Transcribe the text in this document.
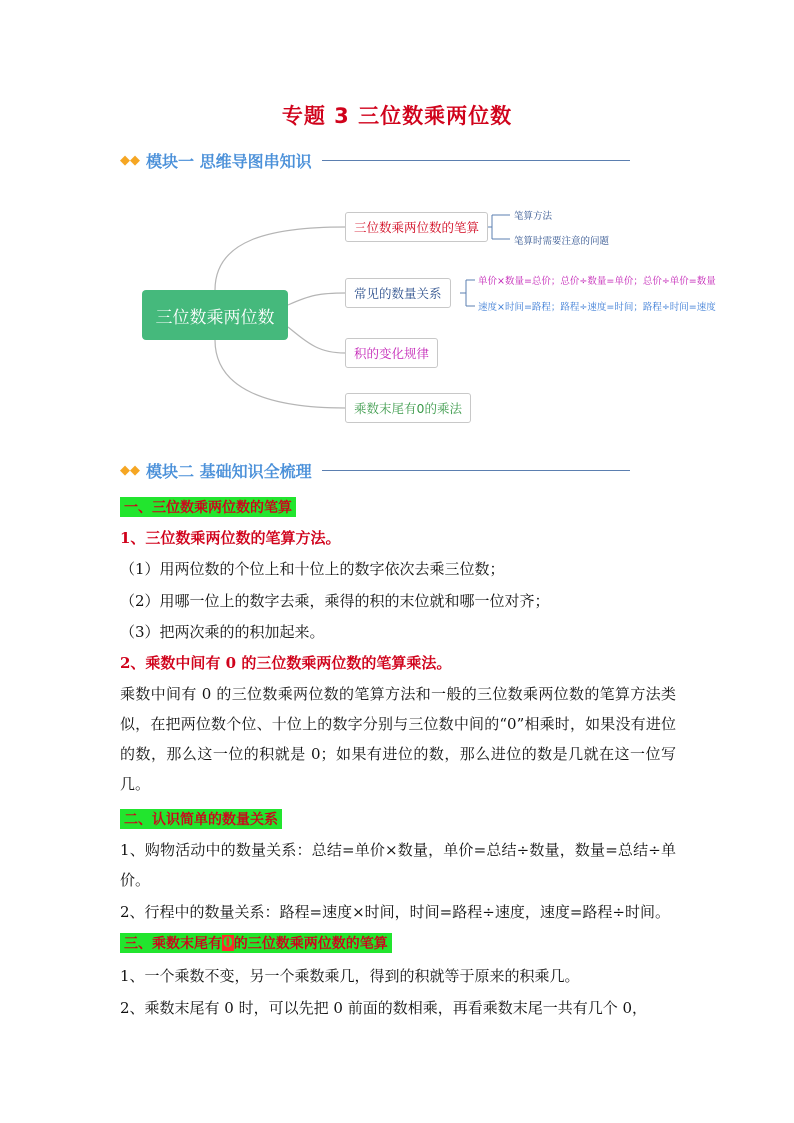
专题 3 三位数乘两位数
◆◆ 模块一 思维导图串知识
三位数乘两位数
三位数乘两位数的笔算
笔算方法
笔算时需要注意的问题
常见的数量关系
单价×数量=总价；总价÷数量=单价；总价÷单价=数量
速度×时间=路程；路程÷速度=时间；路程÷时间=速度
积的变化规律
乘数末尾有0的乘法
◆◆ 模块二 基础知识全梳理
一、三位数乘两位数的笔算
1、三位数乘两位数的笔算方法。
（1）用两位数的个位上和十位上的数字依次去乘三位数；
（2）用哪一位上的数字去乘，乘得的积的末位就和哪一位对齐；
（3）把两次乘的的积加起来。
2、乘数中间有 0 的三位数乘两位数的笔算乘法。
乘数中间有 0 的三位数乘两位数的笔算方法和一般的三位数乘两位数的笔算方法类似，在把两位数个位、十位上的数字分别与三位数中间的“0”相乘时，如果没有进位的数，那么这一位的积就是 0；如果有进位的数，那么进位的数是几就在这一位写几。
二、认识简单的数量关系
1、购物活动中的数量关系：总结=单价×数量，单价=总结÷数量，数量=总结÷单价。
2、行程中的数量关系：路程=速度×时间，时间=路程÷速度，速度=路程÷时间。
三、乘数末尾有 0 的三位数乘两位数的笔算
1、一个乘数不变，另一个乘数乘几，得到的积就等于原来的积乘几。
2、乘数末尾有 0 时，可以先把 0 前面的数相乘，再看乘数末尾一共有几个 0，
